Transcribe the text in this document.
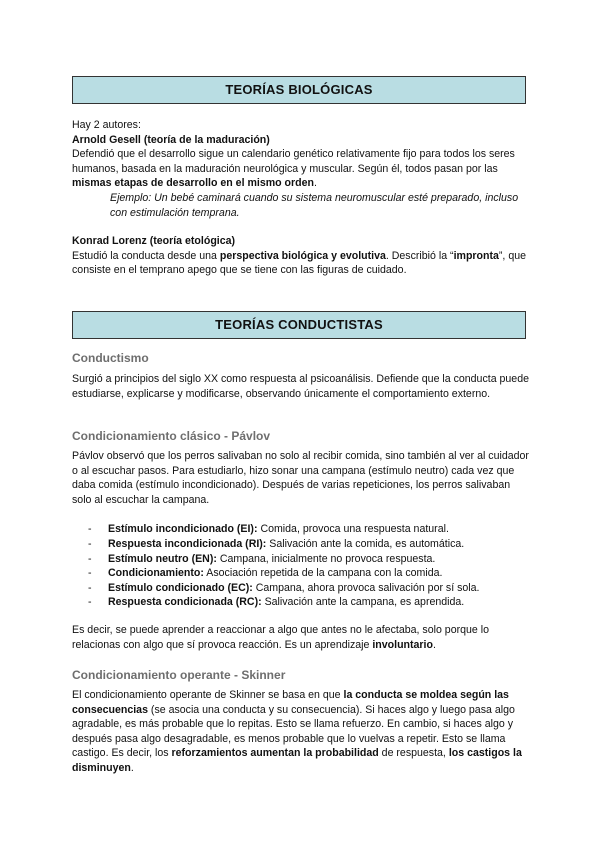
TEORÍAS BIOLÓGICAS

Hay 2 autores:

Arnold Gesell (teoría de la maduración)

Defendió que el desarrollo sigue un calendario genético relativamente fijo para todos los seres humanos, basada en la maduración neurológica y muscular. Según él, todos pasan por las mismas etapas de desarrollo en el mismo orden.

Ejemplo: Un bebé caminará cuando su sistema neuromuscular esté preparado, incluso con estimulación temprana.

Konrad Lorenz (teoría etológica)

Estudió la conducta desde una perspectiva biológica y evolutiva. Describió la “impronta”, que consiste en el temprano apego que se tiene con las figuras de cuidado.

TEORÍAS CONDUCTISTAS
Conductismo

Surgió a principios del siglo XX como respuesta al psicoanálisis. Defiende que la conducta puede estudiarse, explicarse y modificarse, observando únicamente el comportamiento externo.

Condicionamiento clásico - Pávlov

Pávlov observó que los perros salivaban no solo al recibir comida, sino también al ver al cuidador o al escuchar pasos. Para estudiarlo, hizo sonar una campana (estímulo neutro) cada vez que daba comida (estímulo incondicionado). Después de varias repeticiones, los perros salivaban solo al escuchar la campana.

- Estímulo incondicionado (EI): Comida, provoca una respuesta natural.
- Respuesta incondicionada (RI): Salivación ante la comida, es automática.
- Estímulo neutro (EN): Campana, inicialmente no provoca respuesta.
- Condicionamiento: Asociación repetida de la campana con la comida.
- Estímulo condicionado (EC): Campana, ahora provoca salivación por sí sola.
- Respuesta condicionada (RC): Salivación ante la campana, es aprendida.

Es decir, se puede aprender a reaccionar a algo que antes no le afectaba, solo porque lo relacionas con algo que sí provoca reacción. Es un aprendizaje involuntario.

Condicionamiento operante - Skinner

El condicionamiento operante de Skinner se basa en que la conducta se moldea según las consecuencias (se asocia una conducta y su consecuencia). Si haces algo y luego pasa algo agradable, es más probable que lo repitas. Esto se llama refuerzo. En cambio, si haces algo y después pasa algo desagradable, es menos probable que lo vuelvas a repetir. Esto se llama castigo. Es decir, los reforzamientos aumentan la probabilidad de respuesta, los castigos la disminuyen.
